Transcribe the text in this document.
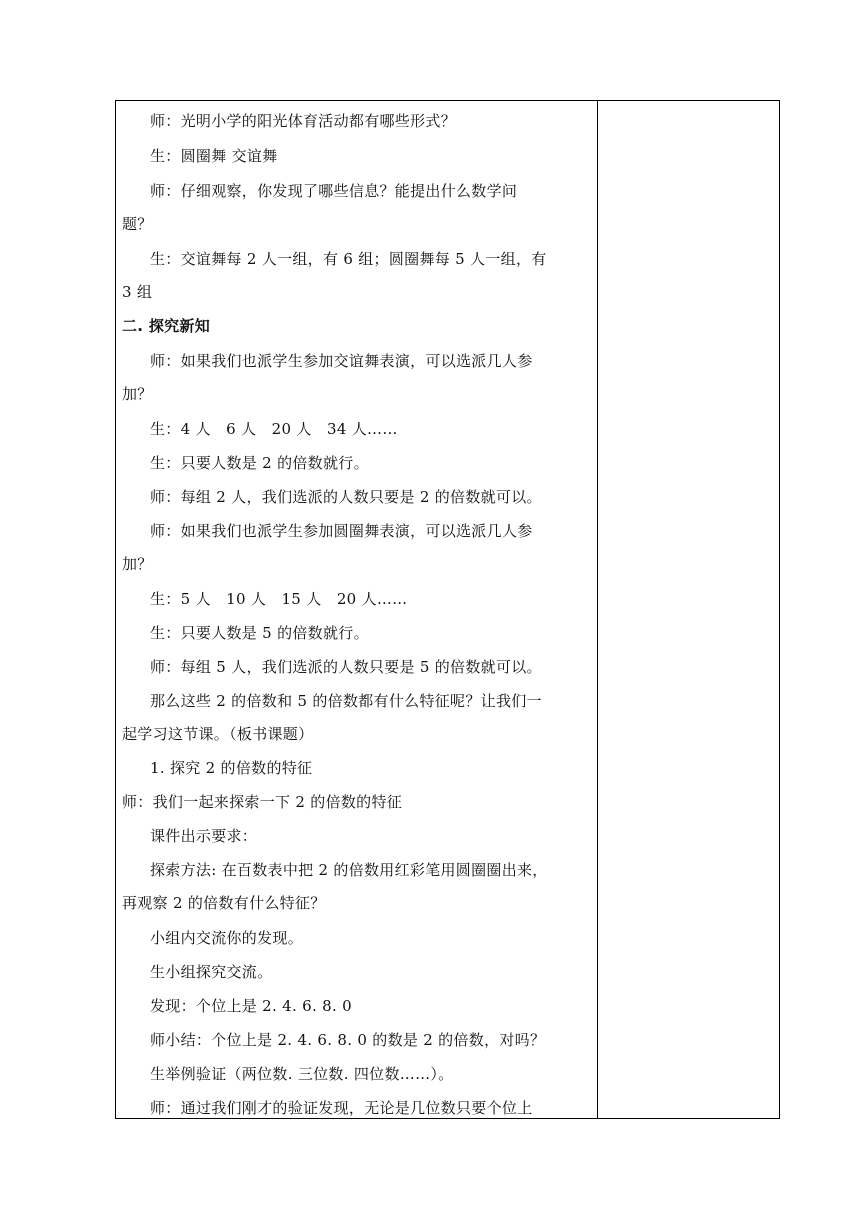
师：光明小学的阳光体育活动都有哪些形式？
生：圆圈舞 交谊舞
师：仔细观察，你发现了哪些信息？能提出什么数学问
题？
生：交谊舞每 2 人一组，有 6 组；圆圈舞每 5 人一组，有
3 组
二. 探究新知
师：如果我们也派学生参加交谊舞表演，可以选派几人参
加？
生：4 人　6 人　20 人　34 人……
生：只要人数是 2 的倍数就行。
师：每组 2 人，我们选派的人数只要是 2 的倍数就可以。
师：如果我们也派学生参加圆圈舞表演，可以选派几人参
加？
生：5 人　10 人　15 人　20 人……
生：只要人数是 5 的倍数就行。
师：每组 5 人，我们选派的人数只要是 5 的倍数就可以。
那么这些 2 的倍数和 5 的倍数都有什么特征呢？让我们一
起学习这节课。（板书课题）
1. 探究 2 的倍数的特征
师：我们一起来探索一下 2 的倍数的特征
课件出示要求：
探索方法: 在百数表中把 2 的倍数用红彩笔用圆圈圈出来，
再观察 2 的倍数有什么特征？
小组内交流你的发现。
生小组探究交流。
发现：个位上是 2. 4. 6. 8. 0
师小结：个位上是 2. 4. 6. 8. 0 的数是 2 的倍数，对吗？
生举例验证（两位数. 三位数. 四位数……）。
师：通过我们刚才的验证发现，无论是几位数只要个位上
